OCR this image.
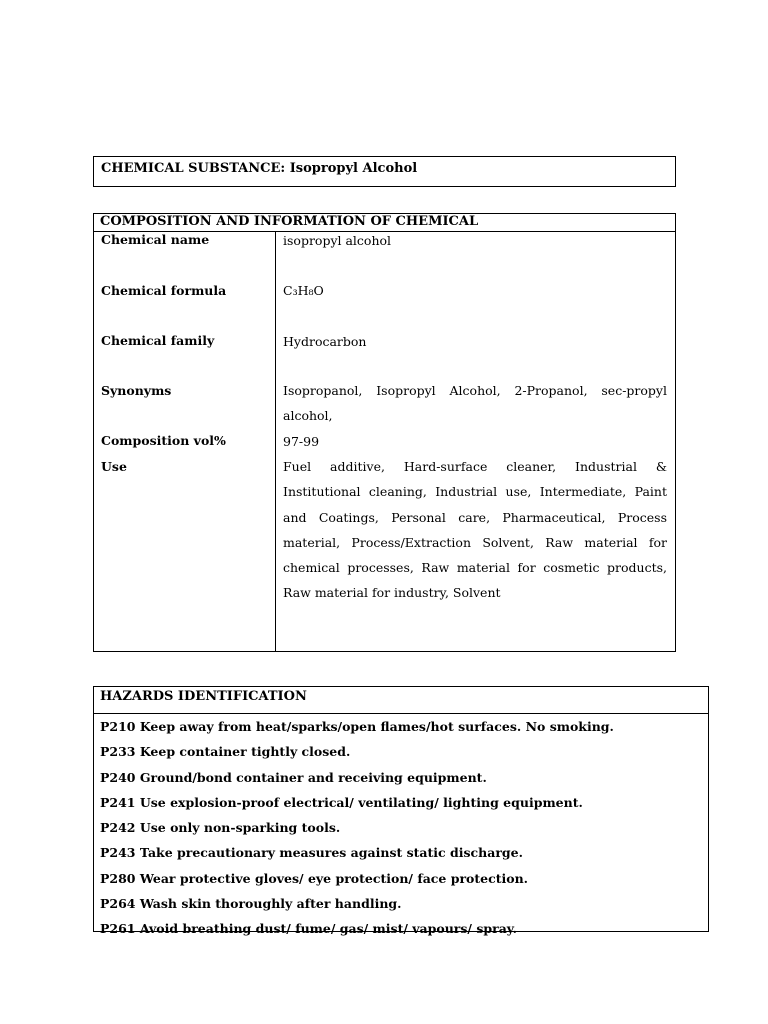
CHEMICAL SUBSTANCE: Isopropyl Alcohol
COMPOSITION AND INFORMATION OF CHEMICAL
Chemical name	isopropyl alcohol
Chemical formula	C₃H₈O
Chemical family	Hydrocarbon
Synonyms	Isopropanol, Isopropyl Alcohol, 2-Propanol, sec-propyl alcohol,
Composition vol%	97-99
Use	Fuel additive, Hard-surface cleaner, Industrial & Institutional cleaning, Industrial use, Intermediate, Paint and Coatings, Personal care, Pharmaceutical, Process material, Process/Extraction Solvent, Raw material for chemical processes, Raw material for cosmetic products, Raw material for industry, Solvent
HAZARDS IDENTIFICATION
P210 Keep away from heat/sparks/open flames/hot surfaces. No smoking.
P233 Keep container tightly closed.
P240 Ground/bond container and receiving equipment.
P241 Use explosion-proof electrical/ ventilating/ lighting equipment.
P242 Use only non-sparking tools.
P243 Take precautionary measures against static discharge.
P280 Wear protective gloves/ eye protection/ face protection.
P264 Wash skin thoroughly after handling.
P261 Avoid breathing dust/ fume/ gas/ mist/ vapours/ spray.
